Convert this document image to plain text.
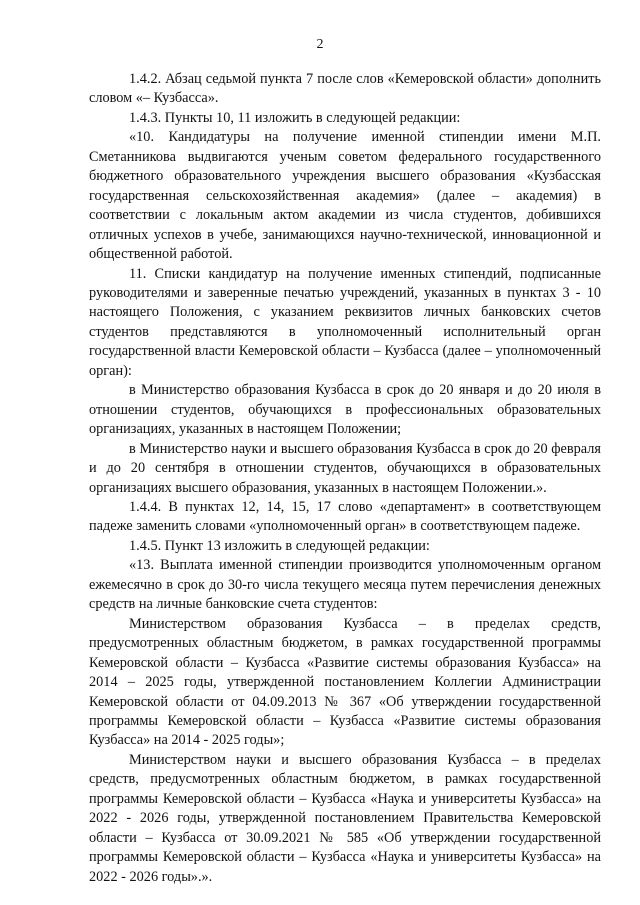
2

1.4.2. Абзац седьмой пункта 7 после слов «Кемеровской области» дополнить словом «– Кузбасса».

1.4.3. Пункты 10, 11 изложить в следующей редакции:

«10. Кандидатуры на получение именной стипендии имени М.П. Сметанникова выдвигаются ученым советом федерального государственного бюджетного образовательного учреждения высшего образования «Кузбасская государственная сельскохозяйственная академия» (далее – академия) в соответствии с локальным актом академии из числа студентов, добившихся отличных успехов в учебе, занимающихся научно-технической, инновационной и общественной работой.

11. Списки кандидатур на получение именных стипендий, подписанные руководителями и заверенные печатью учреждений, указанных в пунктах 3 - 10 настоящего Положения, с указанием реквизитов личных банковских счетов студентов представляются в уполномоченный исполнительный орган государственной власти Кемеровской области – Кузбасса (далее – уполномоченный орган):

в Министерство образования Кузбасса в срок до 20 января и до 20 июля в отношении студентов, обучающихся в профессиональных образовательных организациях, указанных в настоящем Положении;

в Министерство науки и высшего образования Кузбасса в срок до 20 февраля и до 20 сентября в отношении студентов, обучающихся в образовательных организациях высшего образования, указанных в настоящем Положении.».

1.4.4. В пунктах 12, 14, 15, 17 слово «департамент» в соответствующем падеже заменить словами «уполномоченный орган» в соответствующем падеже.

1.4.5. Пункт 13 изложить в следующей редакции:

«13. Выплата именной стипендии производится уполномоченным органом ежемесячно в срок до 30-го числа текущего месяца путем перечисления денежных средств на личные банковские счета студентов:

Министерством образования Кузбасса – в пределах средств, предусмотренных областным бюджетом, в рамках государственной программы Кемеровской области – Кузбасса «Развитие системы образования Кузбасса» на 2014 – 2025 годы, утвержденной постановлением Коллегии Администрации Кемеровской области от 04.09.2013 № 367 «Об утверждении государственной программы Кемеровской области – Кузбасса «Развитие системы образования Кузбасса» на 2014 - 2025 годы»;

Министерством науки и высшего образования Кузбасса – в пределах средств, предусмотренных областным бюджетом, в рамках государственной программы Кемеровской области – Кузбасса «Наука и университеты Кузбасса» на 2022 - 2026 годы, утвержденной постановлением Правительства Кемеровской области – Кузбасса от 30.09.2021 № 585 «Об утверждении государственной программы Кемеровской области – Кузбасса «Наука и университеты Кузбасса» на 2022 - 2026 годы».».
